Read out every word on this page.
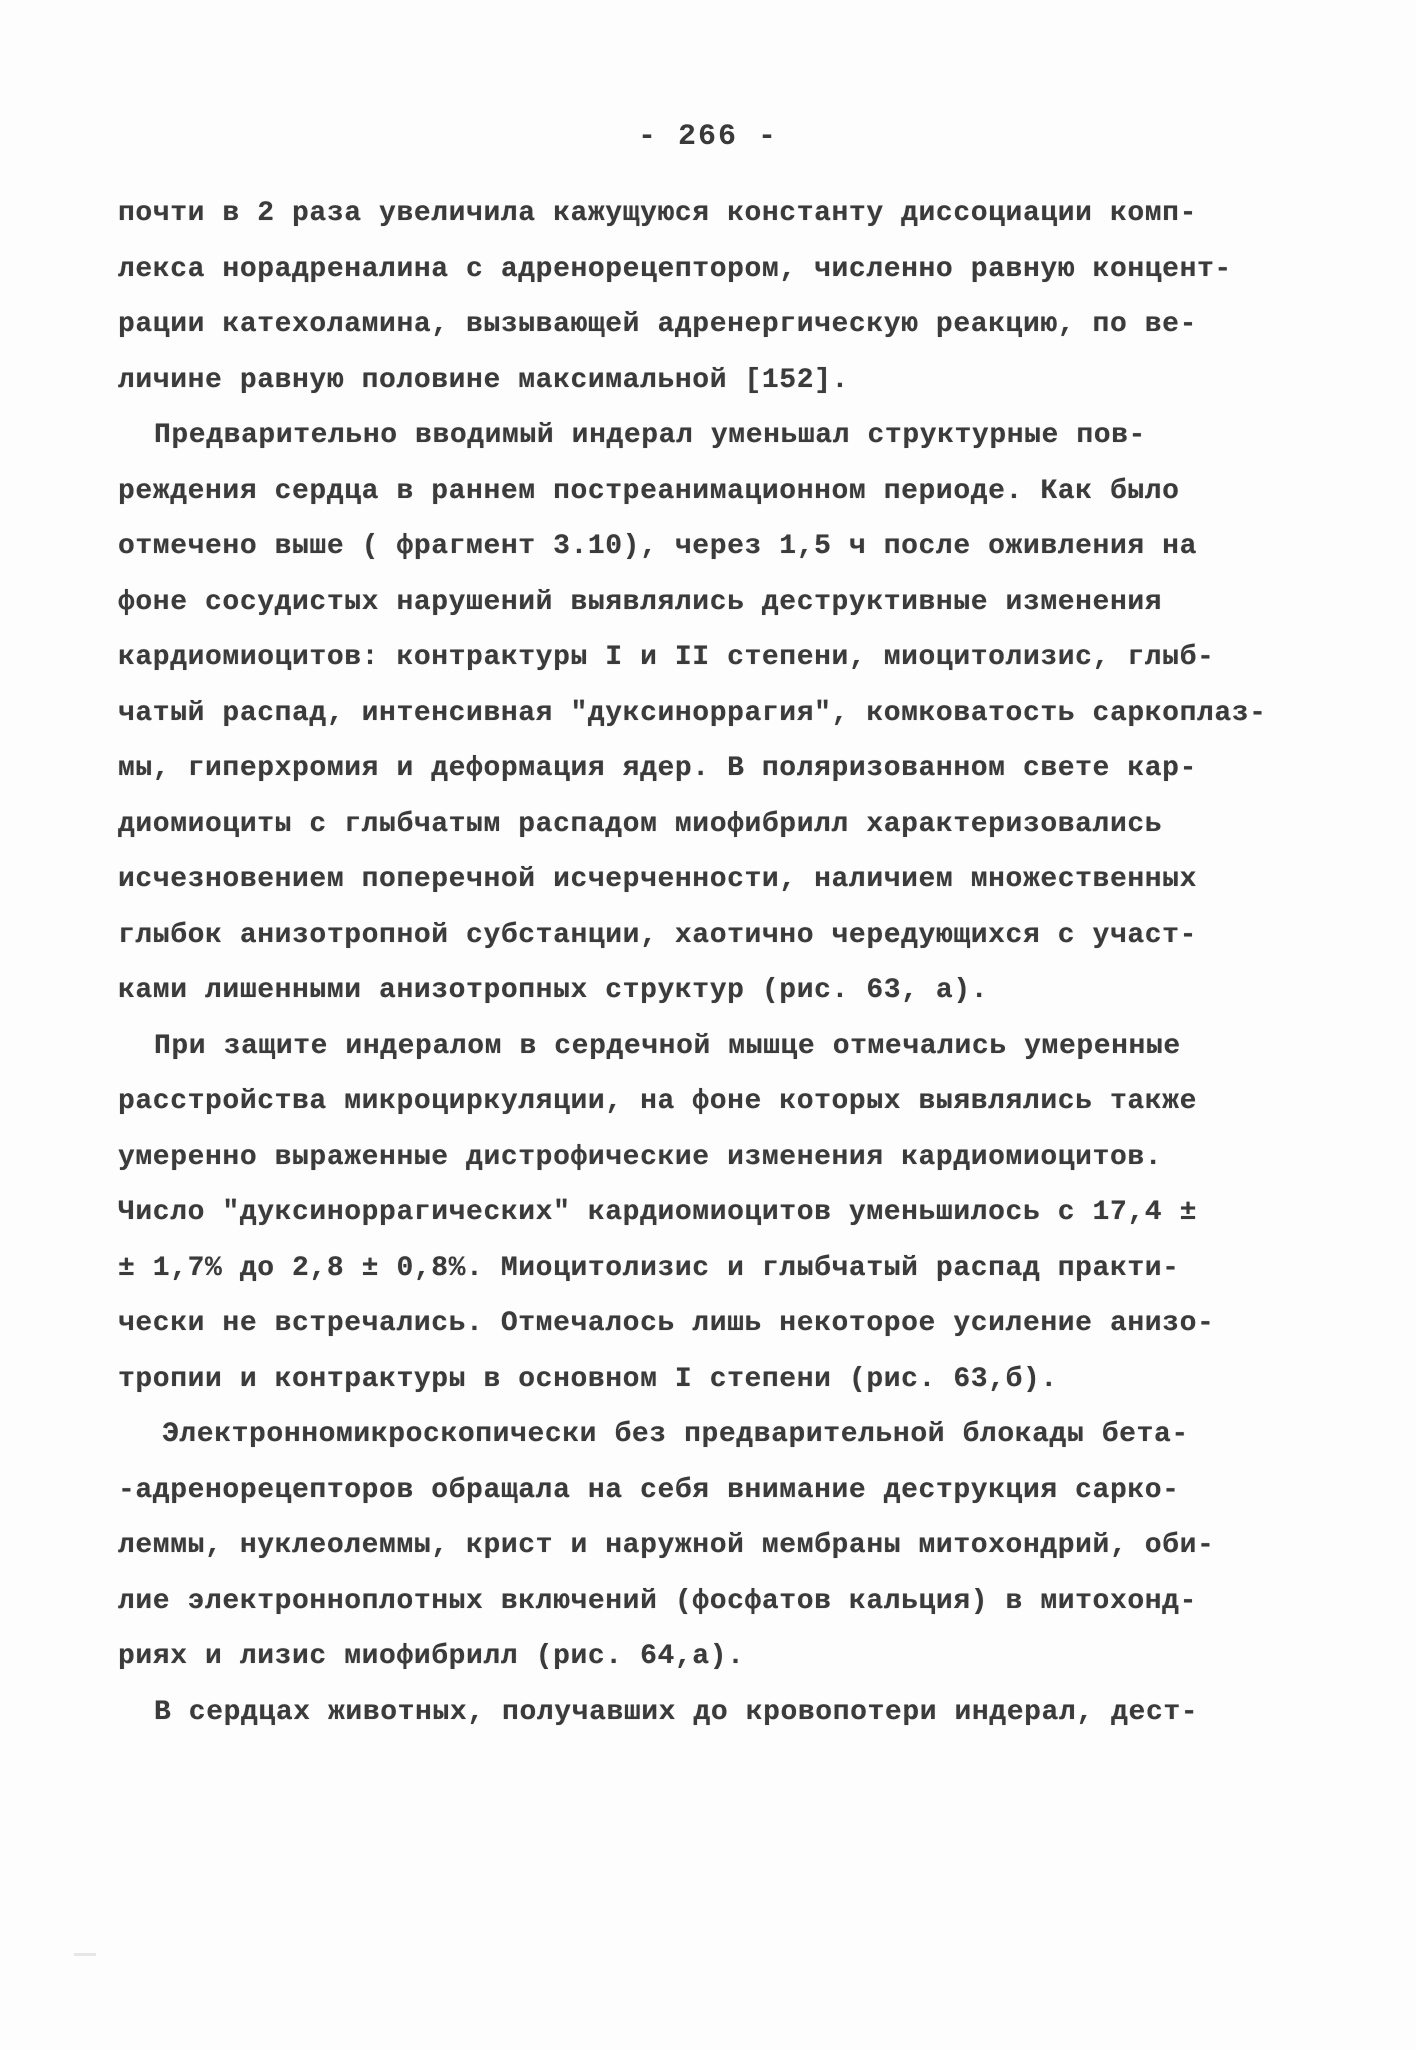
- 266 -
почти в 2 раза увеличила кажущуюся константу диссоциации комп-
лекса норадреналина с адренорецептором, численно равную концент-
рации катехоламина, вызывающей адренергическую реакцию, по ве-
личине равную половине максимальной [152].
Предварительно вводимый индерал уменьшал структурные пов-
реждения сердца в раннем постреанимационном периоде. Как было
отмечено выше ( фрагмент 3.10), через 1,5 ч после оживления на
фоне сосудистых нарушений выявлялись деструктивные изменения
кардиомиоцитов: контрактуры I и II степени, миоцитолизис, глыб-
чатый распад, интенсивная "дуксиноррагия", комковатость саркоплаз-
мы, гиперхромия и деформация ядер. В поляризованном свете кар-
диомиоциты с глыбчатым распадом миофибрилл характеризовались
исчезновением поперечной исчерченности, наличием множественных
глыбок анизотропной субстанции, хаотично чередующихся с участ-
ками лишенными анизотропных структур (рис. 63, а).
При защите индералом в сердечной мышце отмечались умеренные
расстройства микроциркуляции, на фоне которых выявлялись также
умеренно выраженные дистрофические изменения кардиомиоцитов.
Число "дуксиноррагических" кардиомиоцитов уменьшилось с 17,4 ±
± 1,7% до 2,8 ± 0,8%. Миоцитолизис и глыбчатый распад практи-
чески не встречались. Отмечалось лишь некоторое усиление анизо-
тропии и контрактуры в основном I степени (рис. 63,б).
Электронномикроскопически без предварительной блокады бета-
-адренорецепторов обращала на себя внимание деструкция сарко-
леммы, нуклеолеммы, крист и наружной мембраны митохондрий, оби-
лие электронноплотных включений (фосфатов кальция) в митохонд-
риях и лизис миофибрилл (рис. 64,а).
В сердцах животных, получавших до кровопотери индерал, дест-
